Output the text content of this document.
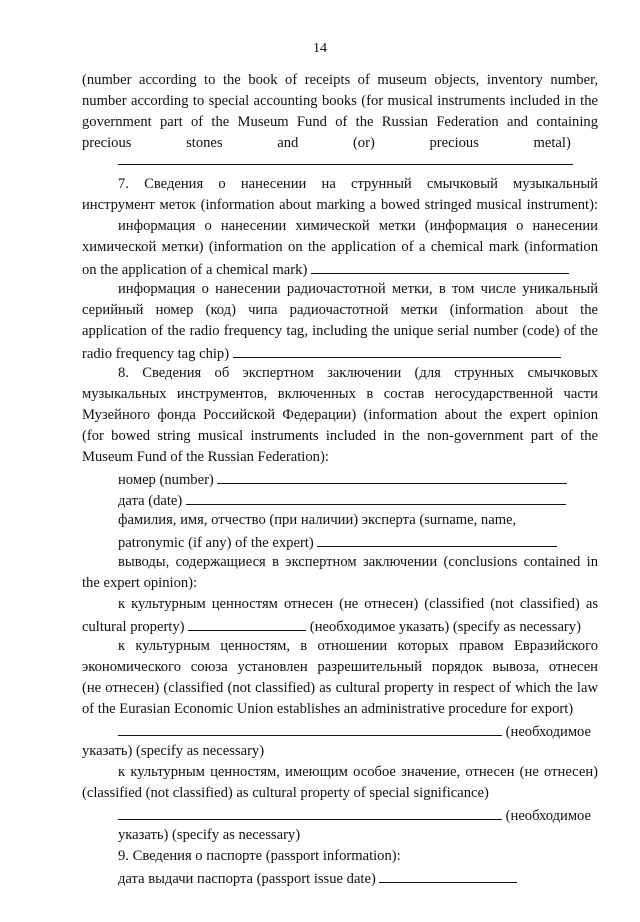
14
(number according to the book of receipts of museum objects, inventory number,
number according to special accounting books (for musical instruments included in the
government part of the Museum Fund of the Russian Federation and containing
precious stones and (or) precious metal)
7. Сведения о нанесении на струнный смычковый музыкальный
инструмент меток (information about marking a bowed stringed musical instrument):
информация о нанесении химической метки (информация о нанесении
химической метки) (information on the application of a chemical mark (information
on the application of a chemical mark)
информация о нанесении радиочастотной метки, в том числе уникальный
серийный номер (код) чипа радиочастотной метки (information about the
application of the radio frequency tag, including the unique serial number (code) of the
radio frequency tag chip)
8. Сведения об экспертном заключении (для струнных смычковых
музыкальных инструментов, включенных в состав негосударственной части
Музейного фонда Российской Федерации) (information about the expert opinion
(for bowed string musical instruments included in the non-government part of the
Museum Fund of the Russian Federation):
номер (number)
дата (date)
фамилия, имя, отчество (при наличии) эксперта (surname, name,
patronymic (if any) of the expert)
выводы, содержащиеся в экспертном заключении (conclusions contained in
the expert opinion):
к культурным ценностям отнесен (не отнесен) (classified (not classified) as
cultural property)	(необходимое указать) (specify as necessary)
к культурным ценностям, в отношении которых правом Евразийского
экономического союза установлен разрешительный порядок вывоза, отнесен
(не отнесен) (classified (not classified) as cultural property in respect of which the law
of the Eurasian Economic Union establishes an administrative procedure for export)
(необходимое
указать) (specify as necessary)
к культурным ценностям, имеющим особое значение, отнесен (не отнесен)
(classified (not classified) as cultural property of special significance)
(необходимое
указать) (specify as necessary)
9. Сведения о паспорте (passport information):
дата выдачи паспорта (passport issue date)
